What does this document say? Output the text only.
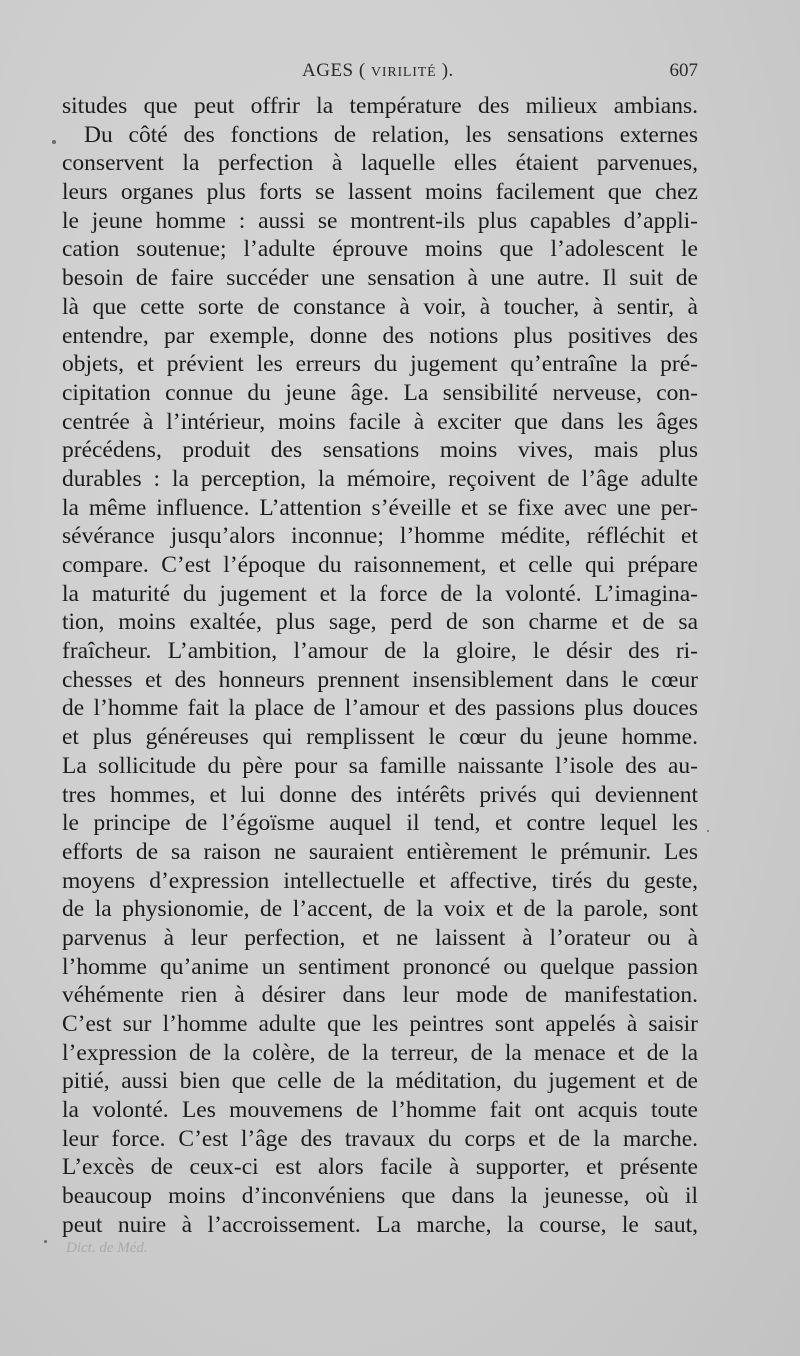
AGES ( VIRILITÉ ).	607
situdes que peut offrir la température des milieux ambians.
Du côté des fonctions de relation, les sensations externes
conservent la perfection à laquelle elles étaient parvenues,
leurs organes plus forts se lassent moins facilement que chez
le jeune homme : aussi se montrent-ils plus capables d’appli-
cation soutenue; l’adulte éprouve moins que l’adolescent le
besoin de faire succéder une sensation à une autre. Il suit de
là que cette sorte de constance à voir, à toucher, à sentir, à
entendre, par exemple, donne des notions plus positives des
objets, et prévient les erreurs du jugement qu’entraîne la pré-
cipitation connue du jeune âge. La sensibilité nerveuse, con-
centrée à l’intérieur, moins facile à exciter que dans les âges
précédens, produit des sensations moins vives, mais plus
durables : la perception, la mémoire, reçoivent de l’âge adulte
la même influence. L’attention s’éveille et se fixe avec une per-
sévérance jusqu’alors inconnue; l’homme médite, réfléchit et
compare. C’est l’époque du raisonnement, et celle qui prépare
la maturité du jugement et la force de la volonté. L’imagina-
tion, moins exaltée, plus sage, perd de son charme et de sa
fraîcheur. L’ambition, l’amour de la gloire, le désir des ri-
chesses et des honneurs prennent insensiblement dans le cœur
de l’homme fait la place de l’amour et des passions plus douces
et plus généreuses qui remplissent le cœur du jeune homme.
La sollicitude du père pour sa famille naissante l’isole des au-
tres hommes, et lui donne des intérêts privés qui deviennent
le principe de l’égoïsme auquel il tend, et contre lequel les
efforts de sa raison ne sauraient entièrement le prémunir. Les
moyens d’expression intellectuelle et affective, tirés du geste,
de la physionomie, de l’accent, de la voix et de la parole, sont
parvenus à leur perfection, et ne laissent à l’orateur ou à
l’homme qu’anime un sentiment prononcé ou quelque passion
véhémente rien à désirer dans leur mode de manifestation.
C’est sur l’homme adulte que les peintres sont appelés à saisir
l’expression de la colère, de la terreur, de la menace et de la
pitié, aussi bien que celle de la méditation, du jugement et de
la volonté. Les mouvemens de l’homme fait ont acquis toute
leur force. C’est l’âge des travaux du corps et de la marche.
L’excès de ceux-ci est alors facile à supporter, et présente
beaucoup moins d’inconvéniens que dans la jeunesse, où il
peut nuire à l’accroissement. La marche, la course, le saut,
Dict. de Méd.
